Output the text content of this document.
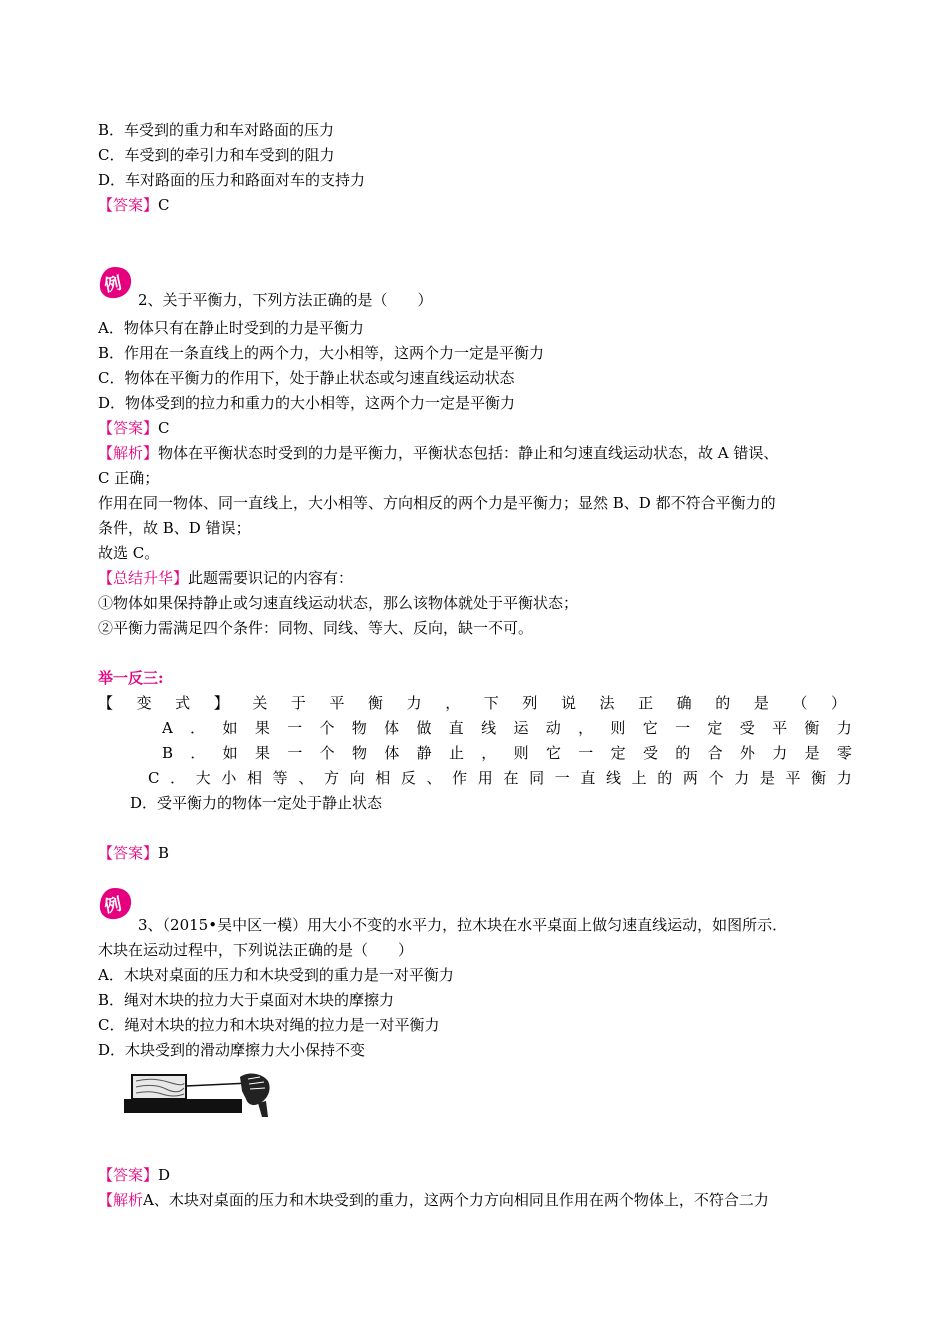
B．车受到的重力和车对路面的压力
C．车受到的牵引力和车受到的阻力
D．车对路面的压力和路面对车的支持力
【答案】C
例
2、关于平衡力，下列方法正确的是（　　）
A．物体只有在静止时受到的力是平衡力
B．作用在一条直线上的两个力，大小相等，这两个力一定是平衡力
C．物体在平衡力的作用下，处于静止状态或匀速直线运动状态
D．物体受到的拉力和重力的大小相等，这两个力一定是平衡力
【答案】C
【解析】物体在平衡状态时受到的力是平衡力，平衡状态包括：静止和匀速直线运动状态，故 A 错误、
C 正确；
作用在同一物体、同一直线上，大小相等、方向相反的两个力是平衡力；显然 B、D 都不符合平衡力的
条件，故 B、D 错误；
故选 C。
【总结升华】此题需要识记的内容有：
①物体如果保持静止或匀速直线运动状态，那么该物体就处于平衡状态；
②平衡力需满足四个条件：同物、同线、等大、反向，缺一不可。
举一反三:
【 变 式 】 关 于 平 衡 力 ， 下 列 说 法 正 确 的 是 （ ）
A ． 如 果 一 个 物 体 做 直 线 运 动 ， 则 它 一 定 受 平 衡 力
B ． 如 果 一 个 物 体 静 止 ， 则 它 一 定 受 的 合 外 力 是 零
C ． 大 小 相 等 、 方 向 相 反 、 作 用 在 同 一 直 线 上 的 两 个 力 是 平 衡 力
D．受平衡力的物体一定处于静止状态
【答案】B
例
3、（2015•吴中区一模）用大小不变的水平力，拉木块在水平桌面上做匀速直线运动，如图所示．
木块在运动过程中，下列说法正确的是（　　）
A．木块对桌面的压力和木块受到的重力是一对平衡力
B．绳对木块的拉力大于桌面对木块的摩擦力
C．绳对木块的拉力和木块对绳的拉力是一对平衡力
D．木块受到的滑动摩擦力大小保持不变
【答案】D
【解析A、木块对桌面的压力和木块受到的重力，这两个力方向相同且作用在两个物体上，不符合二力
